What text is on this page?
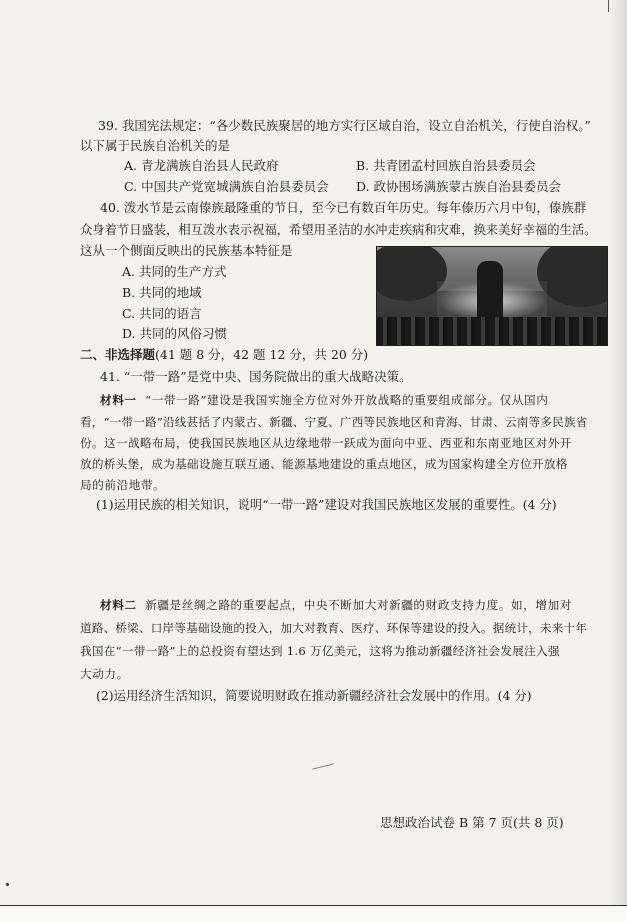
39. 我国宪法规定：“各少数民族聚居的地方实行区域自治，设立自治机关，行使自治权。”
以下属于民族自治机关的是
A. 青龙满族自治县人民政府	B. 共青团孟村回族自治县委员会
C. 中国共产党宽城满族自治县委员会 D. 政协围场满族蒙古族自治县委员会
40. 泼水节是云南傣族最隆重的节日，至今已有数百年历史。每年傣历六月中旬，傣族群
众身着节日盛装，相互泼水表示祝福，希望用圣洁的水冲走疾病和灾难，换来美好幸福的生活。
这从一个侧面反映出的民族基本特征是
A. 共同的生产方式
B. 共同的地域
C. 共同的语言
D. 共同的风俗习惯
二、非选择题(41 题 8 分，42 题 12 分，共 20 分)
41. “一带一路”是党中央、国务院做出的重大战略决策。
材料一 “一带一路”建设是我国实施全方位对外开放战略的重要组成部分。仅从国内
看，“一带一路”沿线甚括了内蒙古、新疆、宁夏、广西等民族地区和青海、甘肃、云南等多民族省
份。这一战略布局，使我国民族地区从边缘地带一跃成为面向中亚、西亚和东南亚地区对外开
放的桥头堡，成为基础设施互联互通、能源基地建设的重点地区，成为国家构建全方位开放格
局的前沿地带。
(1)运用民族的相关知识，说明“一带一路”建设对我国民族地区发展的重要性。(4 分)
材料二 新疆是丝绸之路的重要起点，中央不断加大对新疆的财政支持力度。如，增加对
道路、桥梁、口岸等基础设施的投入，加大对教育、医疗、环保等建设的投入。据统计，未来十年
我国在“一带一路”上的总投资有望达到 1.6 万亿美元，这将为推动新疆经济社会发展注入强
大动力。
(2)运用经济生活知识，简要说明财政在推动新疆经济社会发展中的作用。(4 分)
思想政治试卷 B 第 7 页(共 8 页)
